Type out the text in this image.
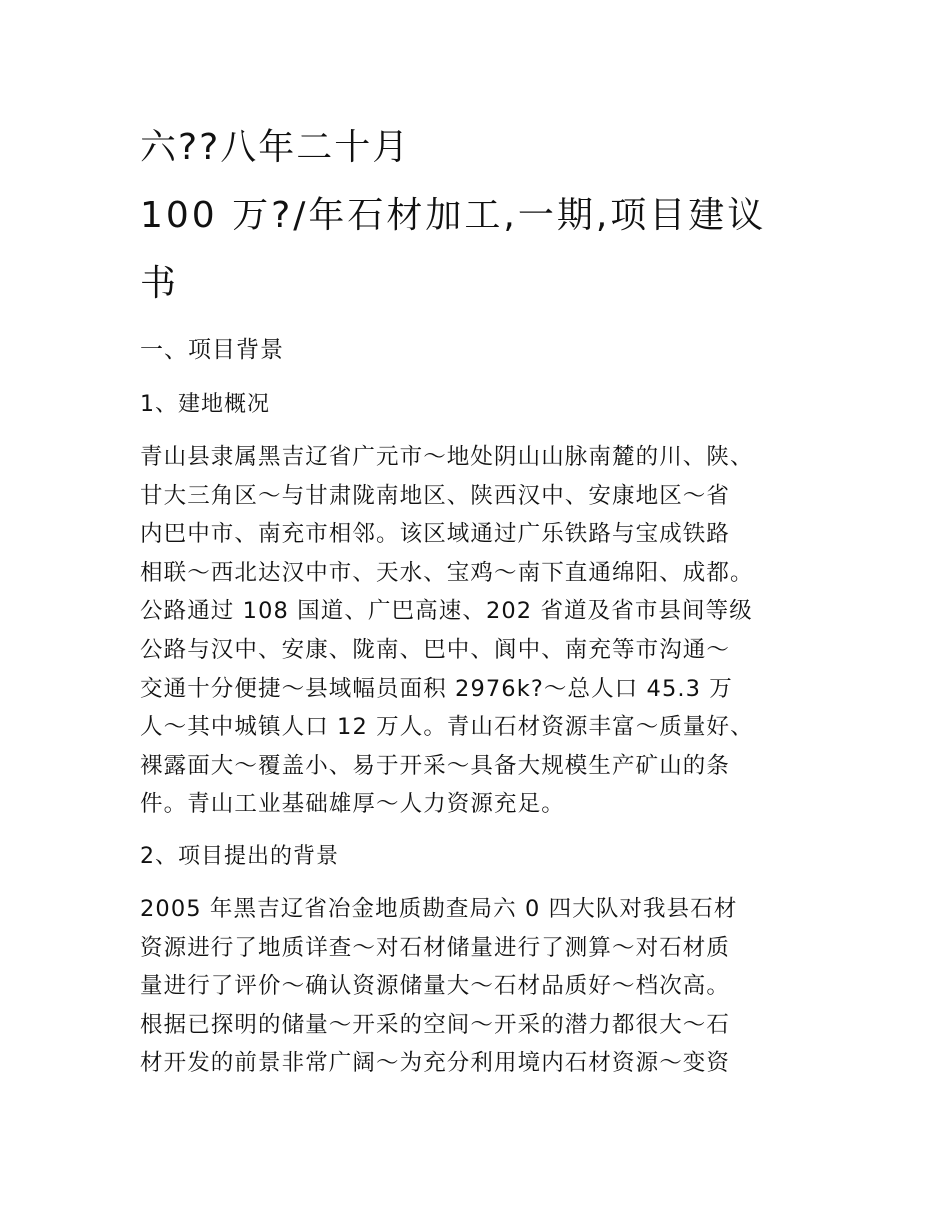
六??八年二十月
100 万?/年石材加工,一期,项目建议
书
一、项目背景
1、建地概况

青山县隶属黑吉辽省广元市～地处阴山山脉南麓的川、陕、
甘大三角区～与甘肃陇南地区、陕西汉中、安康地区～省
内巴中市、南充市相邻。该区域通过广乐铁路与宝成铁路
相联～西北达汉中市、天水、宝鸡～南下直通绵阳、成都。
公路通过 108 国道、广巴高速、202 省道及省市县间等级
公路与汉中、安康、陇南、巴中、阆中、南充等市沟通～
交通十分便捷～县域幅员面积 2976k?～总人口 45.3 万
人～其中城镇人口 12 万人。青山石材资源丰富～质量好、
裸露面大～覆盖小、易于开采～具备大规模生产矿山的条
件。青山工业基础雄厚～人力资源充足。

2、项目提出的背景

2005 年黑吉辽省冶金地质勘查局六 0 四大队对我县石材
资源进行了地质详查～对石材储量进行了测算～对石材质
量进行了评价～确认资源储量大～石材品质好～档次高。
根据已探明的储量～开采的空间～开采的潜力都很大～石
材开发的前景非常广阔～为充分利用境内石材资源～变资
